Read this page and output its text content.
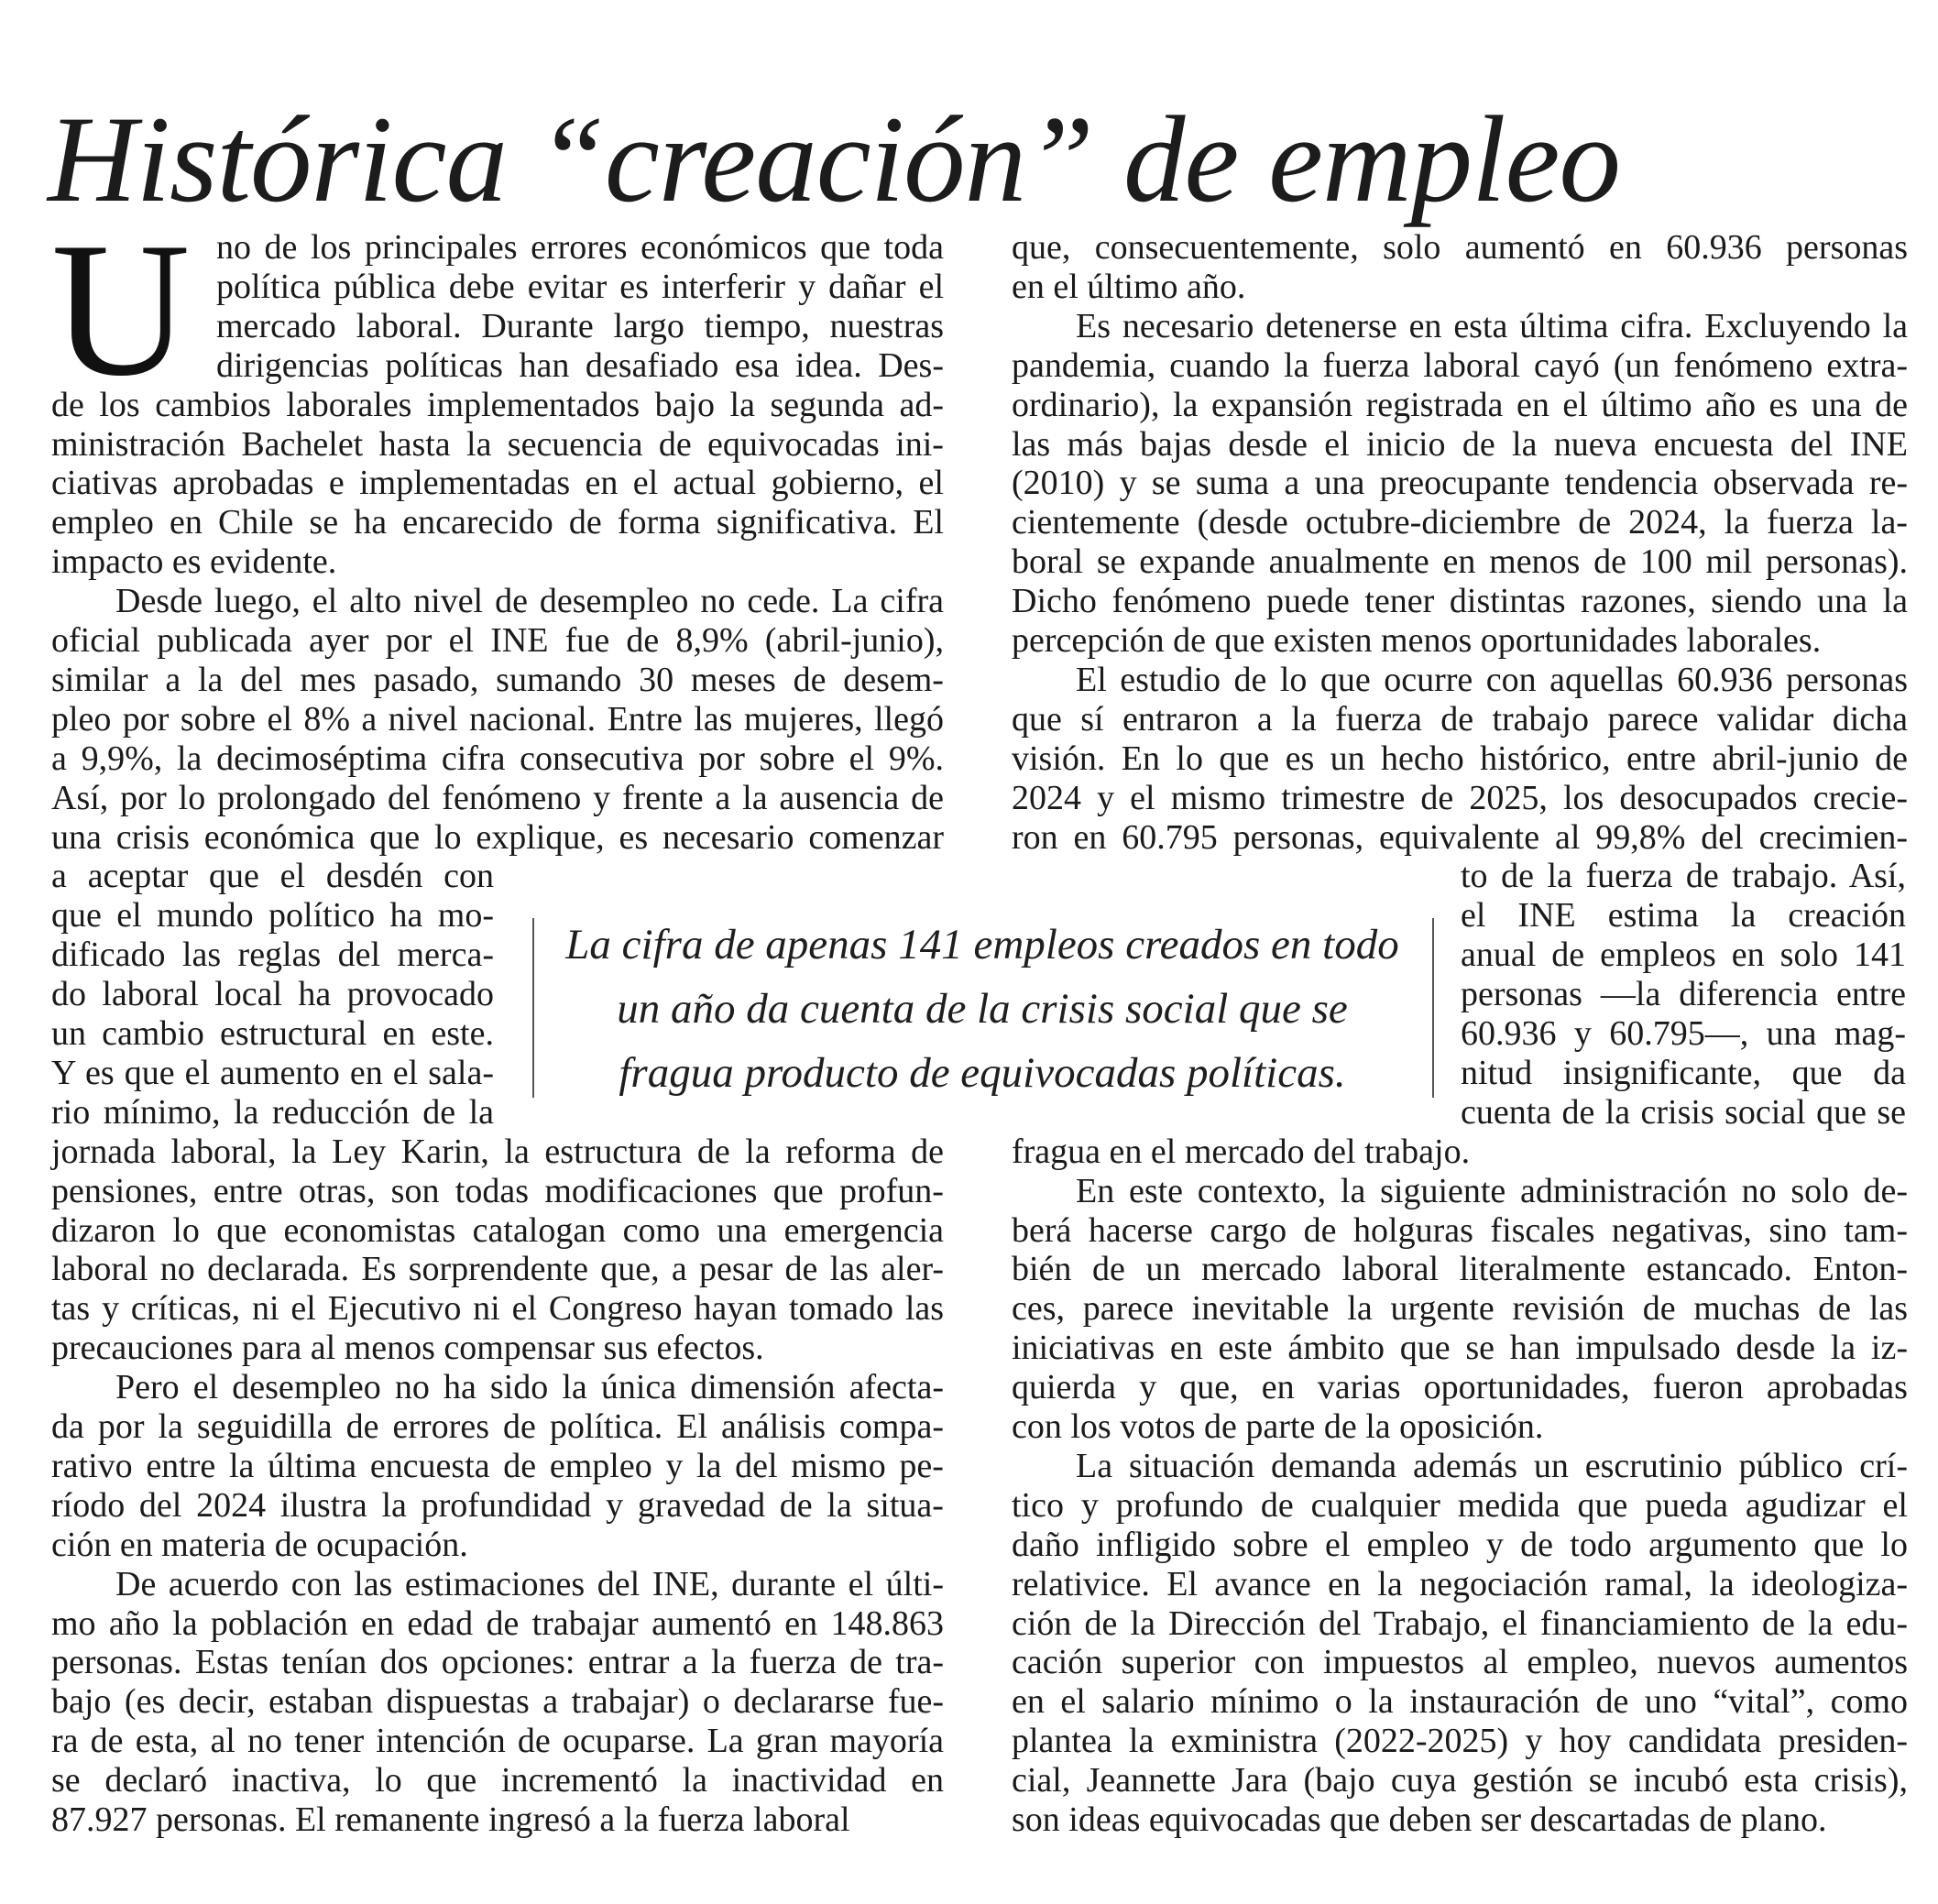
Histórica “creación” de empleo
U no de los principales errores económicos que toda
política pública debe evitar es interferir y dañar el
mercado laboral. Durante largo tiempo, nuestras
dirigencias políticas han desafiado esa idea. Des-
de los cambios laborales implementados bajo la segunda ad-
ministración Bachelet hasta la secuencia de equivocadas ini-
ciativas aprobadas e implementadas en el actual gobierno, el
empleo en Chile se ha encarecido de forma significativa. El
impacto es evidente.
Desde luego, el alto nivel de desempleo no cede. La cifra
oficial publicada ayer por el INE fue de 8,9% (abril-junio),
similar a la del mes pasado, sumando 30 meses de desem-
pleo por sobre el 8% a nivel nacional. Entre las mujeres, llegó
a 9,9%, la decimoséptima cifra consecutiva por sobre el 9%.
Así, por lo prolongado del fenómeno y frente a la ausencia de
una crisis económica que lo explique, es necesario comenzar
a aceptar que el desdén con
que el mundo político ha mo-
dificado las reglas del merca-
do laboral local ha provocado
un cambio estructural en este.
Y es que el aumento en el sala-
rio mínimo, la reducción de la
jornada laboral, la Ley Karin, la estructura de la reforma de
pensiones, entre otras, son todas modificaciones que profun-
dizaron lo que economistas catalogan como una emergencia
laboral no declarada. Es sorprendente que, a pesar de las aler-
tas y críticas, ni el Ejecutivo ni el Congreso hayan tomado las
precauciones para al menos compensar sus efectos.
Pero el desempleo no ha sido la única dimensión afecta-
da por la seguidilla de errores de política. El análisis compa-
rativo entre la última encuesta de empleo y la del mismo pe-
ríodo del 2024 ilustra la profundidad y gravedad de la situa-
ción en materia de ocupación.
De acuerdo con las estimaciones del INE, durante el últi-
mo año la población en edad de trabajar aumentó en 148.863
personas. Estas tenían dos opciones: entrar a la fuerza de tra-
bajo (es decir, estaban dispuestas a trabajar) o declararse fue-
ra de esta, al no tener intención de ocuparse. La gran mayoría
se declaró inactiva, lo que incrementó la inactividad en
87.927 personas. El remanente ingresó a la fuerza laboral
que, consecuentemente, solo aumentó en 60.936 personas
en el último año.
Es necesario detenerse en esta última cifra. Excluyendo la
pandemia, cuando la fuerza laboral cayó (un fenómeno extra-
ordinario), la expansión registrada en el último año es una de
las más bajas desde el inicio de la nueva encuesta del INE
(2010) y se suma a una preocupante tendencia observada re-
cientemente (desde octubre-diciembre de 2024, la fuerza la-
boral se expande anualmente en menos de 100 mil personas).
Dicho fenómeno puede tener distintas razones, siendo una la
percepción de que existen menos oportunidades laborales.
El estudio de lo que ocurre con aquellas 60.936 personas
que sí entraron a la fuerza de trabajo parece validar dicha
visión. En lo que es un hecho histórico, entre abril-junio de
2024 y el mismo trimestre de 2025, los desocupados crecie-
ron en 60.795 personas, equivalente al 99,8% del crecimien-
to de la fuerza de trabajo. Así,
el INE estima la creación
anual de empleos en solo 141
personas —la diferencia entre
60.936 y 60.795—, una mag-
nitud insignificante, que da
cuenta de la crisis social que se
fragua en el mercado del trabajo.
En este contexto, la siguiente administración no solo de-
berá hacerse cargo de holguras fiscales negativas, sino tam-
bién de un mercado laboral literalmente estancado. Enton-
ces, parece inevitable la urgente revisión de muchas de las
iniciativas en este ámbito que se han impulsado desde la iz-
quierda y que, en varias oportunidades, fueron aprobadas
con los votos de parte de la oposición.
La situación demanda además un escrutinio público crí-
tico y profundo de cualquier medida que pueda agudizar el
daño infligido sobre el empleo y de todo argumento que lo
relativice. El avance en la negociación ramal, la ideologiza-
ción de la Dirección del Trabajo, el financiamiento de la edu-
cación superior con impuestos al empleo, nuevos aumentos
en el salario mínimo o la instauración de uno “vital”, como
plantea la exministra (2022-2025) y hoy candidata presiden-
cial, Jeannette Jara (bajo cuya gestión se incubó esta crisis),
son ideas equivocadas que deben ser descartadas de plano.
La cifra de apenas 141 empleos creados en todo
un año da cuenta de la crisis social que se
fragua producto de equivocadas políticas.
